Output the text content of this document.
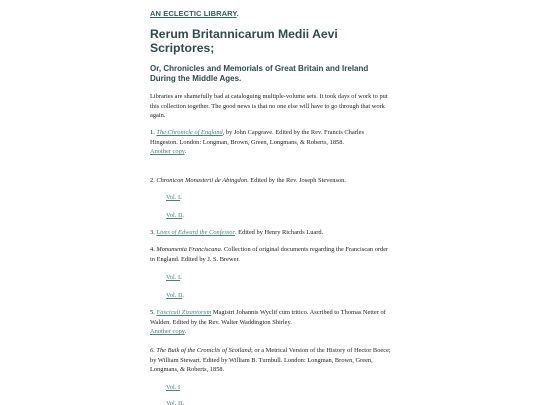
AN ECLECTIC LIBRARY.
Rerum Britannicarum Medii Aevi Scriptores;
Or, Chronicles and Memorials of Great Britain and Ireland During the Middle Ages.

Libraries are shamefully bad at cataloguing multiple-volume sets. It took days of work to put this collection together. The good news is that no one else will have to go through that work again.

1. The Chronicle of England, by John Capgrave. Edited by the Rev. Francis Charles Hingeston. London: Longman, Brown, Green, Longmans, & Roberts, 1858.
Another copy.

2. Chronicon Monasterii de Abingdon. Edited by the Rev. Joseph Stevenson.

Vol. I.

Vol. II.

3. Lives of Edward the Confessor. Edited by Henry Richards Luard.

4. Monumenta Franciscana. Collection of original documents regarding the Franciscan order in England. Edited by J. S. Brewer.

Vol. I.

Vol. II.

5. Fasciculi Zizaniorum Magistri Johannis Wyclif cum tritico. Ascribed to Thomas Netter of Walden. Edited by the Rev. Walter Waddington Shirley.
Another copy.

6. The Buik of the Croniclis of Scotland; or a Metrical Version of the History of Hector Boece; by William Stewart. Edited by William B. Turnbull. London: Longman, Brown, Green, Longmans, & Roberts, 1858.

Vol. I

Vol. II.
